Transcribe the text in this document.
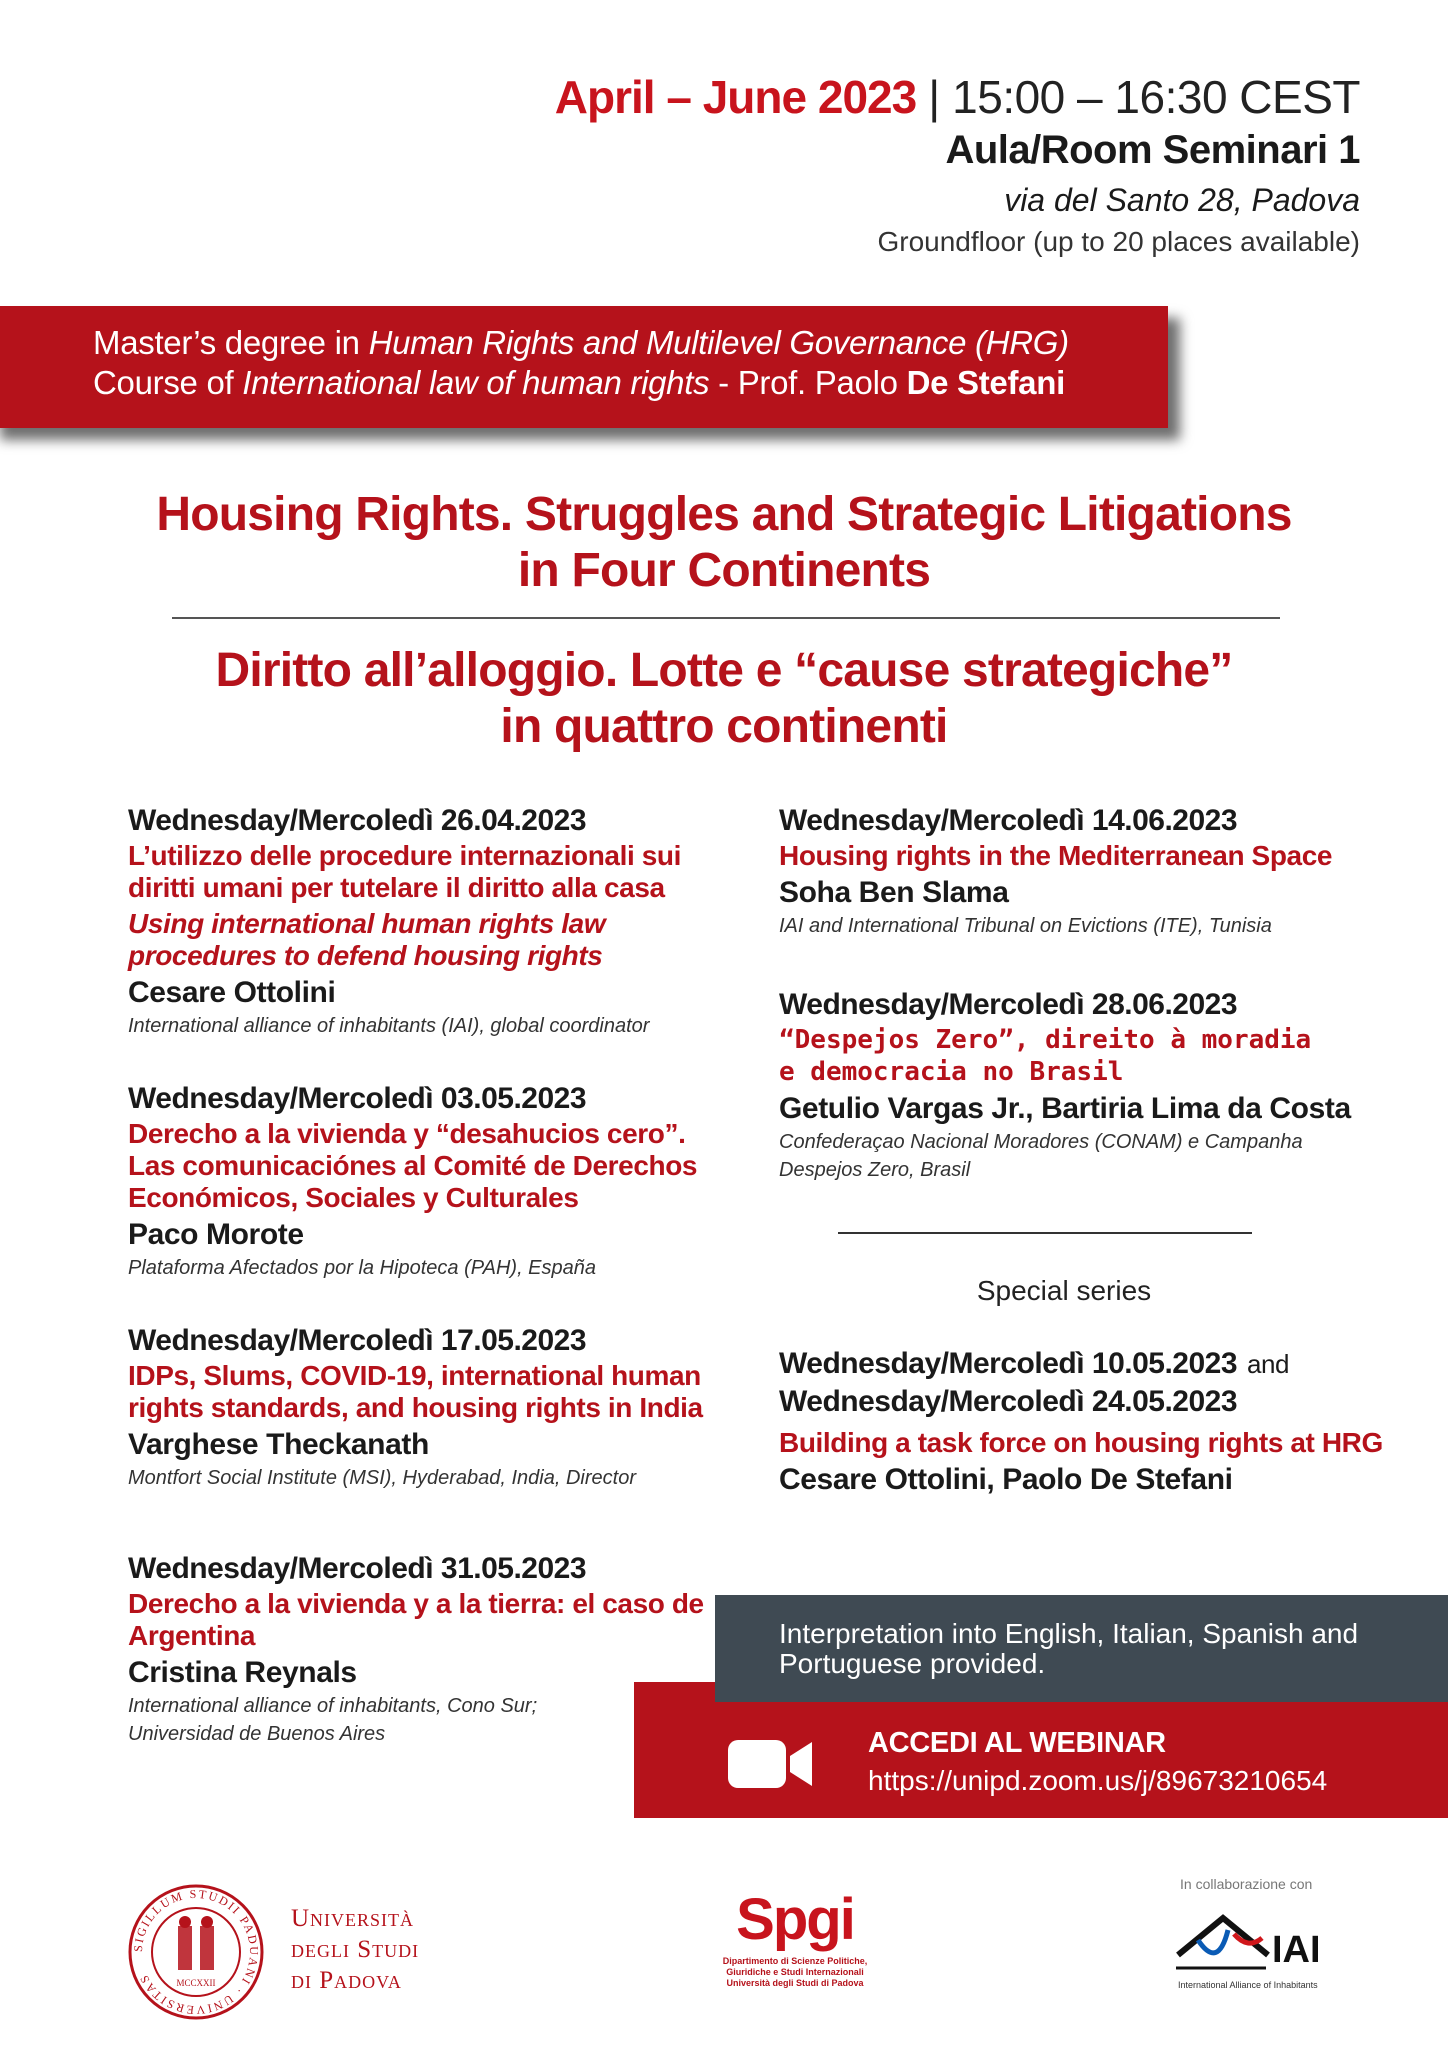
April – June 2023 | 15:00 – 16:30 CEST
Aula/Room Seminari 1
via del Santo 28, Padova
Groundfloor (up to 20 places available)
Master’s degree in Human Rights and Multilevel Governance (HRG)
Course of International law of human rights - Prof. Paolo De Stefani
Housing Rights. Struggles and Strategic Litigations
in Four Continents
Diritto all’alloggio. Lotte e “cause strategiche”
in quattro continenti
Wednesday/Mercoledì 26.04.2023
L’utilizzo delle procedure internazionali sui diritti umani per tutelare il diritto alla casa
Using international human rights law procedures to defend housing rights
Cesare Ottolini
International alliance of inhabitants (IAI), global coordinator
Wednesday/Mercoledì 03.05.2023
Derecho a la vivienda y “desahucios cero”. Las comunicaciónes al Comité de Derechos Económicos, Sociales y Culturales
Paco Morote
Plataforma Afectados por la Hipoteca (PAH), España
Wednesday/Mercoledì 17.05.2023
IDPs, Slums, COVID-19, international human rights standards, and housing rights in India
Varghese Theckanath
Montfort Social Institute (MSI), Hyderabad, India, Director
Wednesday/Mercoledì 31.05.2023
Derecho a la vivienda y a la tierra: el caso de Argentina
Cristina Reynals
International alliance of inhabitants, Cono Sur;
Universidad de Buenos Aires
Wednesday/Mercoledì 14.06.2023
Housing rights in the Mediterranean Space
Soha Ben Slama
IAI and International Tribunal on Evictions (ITE), Tunisia
Wednesday/Mercoledì 28.06.2023
“Despejos Zero”, direito à moradia e democracia no Brasil
Getulio Vargas Jr., Bartiria Lima da Costa
Confederaçao Nacional Moradores (CONAM) e Campanha
Despejos Zero, Brasil
Special series
Wednesday/Mercoledì 10.05.2023 and
Wednesday/Mercoledì 24.05.2023
Building a task force on housing rights at HRG
Cesare Ottolini, Paolo De Stefani
Interpretation into English, Italian, Spanish and Portuguese provided.
ACCEDI AL WEBINAR
https://unipd.zoom.us/j/89673210654
SIGILLUM STUDII PADUANI · UNIVERSITAS	MCCXXII
Università
degli Studi
di Padova
Spgi
Dipartimento di Scienze Politiche,
Giuridiche e Studi Internazionali
Università degli Studi di Padova
In collaborazione con
IAI
International Alliance of Inhabitants
